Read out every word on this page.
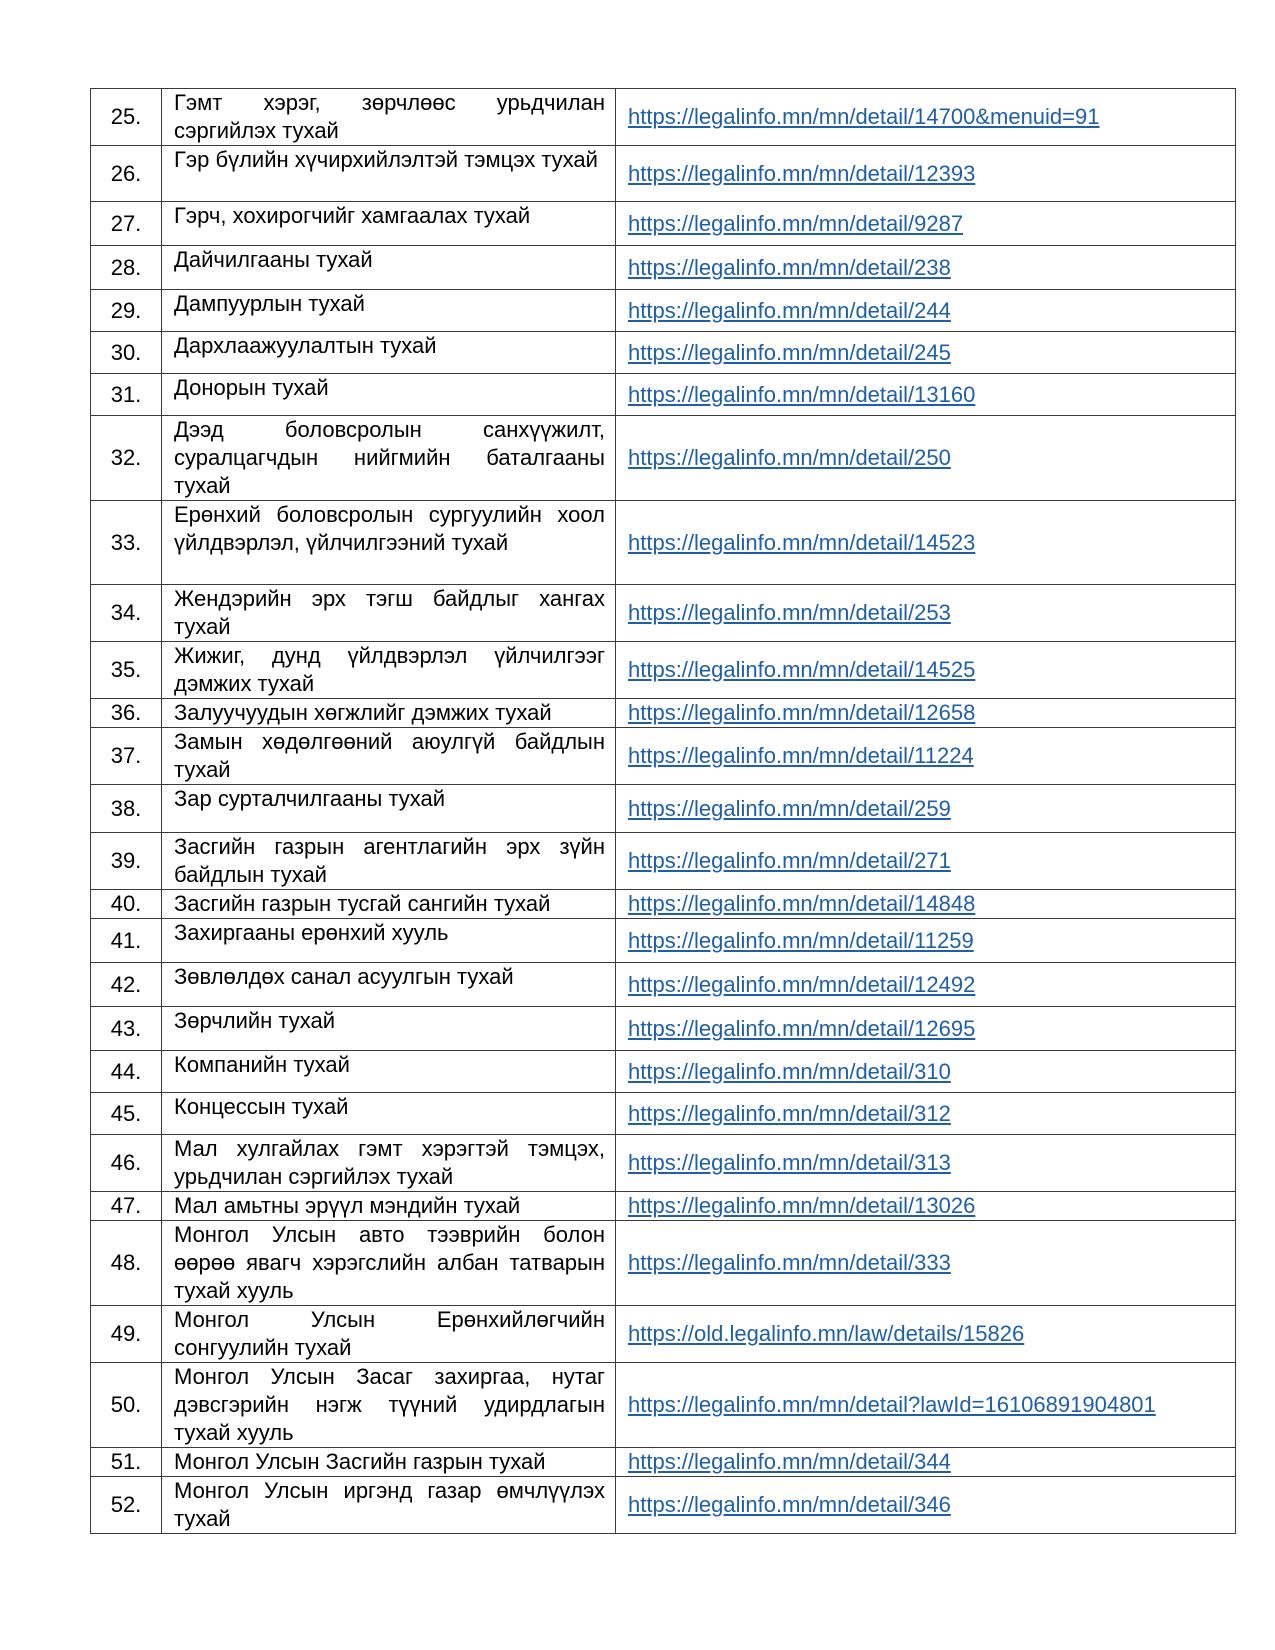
25.	Гэмт хэрэг, зөрчлөөс урьдчилан сэргийлэх тухай	https://legalinfo.mn/mn/detail/14700&menuid=91
26.	Гэр бүлийн хүчирхийлэлтэй тэмцэх тухай	https://legalinfo.mn/mn/detail/12393
27.	Гэрч, хохирогчийг хамгаалах тухай	https://legalinfo.mn/mn/detail/9287
28.	Дайчилгааны тухай	https://legalinfo.mn/mn/detail/238
29.	Дампуурлын тухай	https://legalinfo.mn/mn/detail/244
30.	Дархлаажуулалтын тухай	https://legalinfo.mn/mn/detail/245
31.	Донорын тухай	https://legalinfo.mn/mn/detail/13160
32.	Дээд боловсролын санхүүжилт, суралцагчдын нийгмийн баталгааны тухай	https://legalinfo.mn/mn/detail/250
33.	Ерөнхий боловсролын сургуулийн хоол үйлдвэрлэл, үйлчилгээний тухай	https://legalinfo.mn/mn/detail/14523
34.	Жендэрийн эрх тэгш байдлыг хангах тухай	https://legalinfo.mn/mn/detail/253
35.	Жижиг, дунд үйлдвэрлэл үйлчилгээг дэмжих тухай	https://legalinfo.mn/mn/detail/14525
36.	Залуучуудын хөгжлийг дэмжих тухай	https://legalinfo.mn/mn/detail/12658
37.	Замын хөдөлгөөний аюулгүй байдлын тухай	https://legalinfo.mn/mn/detail/11224
38.	Зар сурталчилгааны тухай	https://legalinfo.mn/mn/detail/259
39.	Засгийн газрын агентлагийн эрх зүйн байдлын тухай	https://legalinfo.mn/mn/detail/271
40.	Засгийн газрын тусгай сангийн тухай	https://legalinfo.mn/mn/detail/14848
41.	Захиргааны ерөнхий хууль	https://legalinfo.mn/mn/detail/11259
42.	Зөвлөлдөх санал асуулгын тухай	https://legalinfo.mn/mn/detail/12492
43.	Зөрчлийн тухай	https://legalinfo.mn/mn/detail/12695
44.	Компанийн тухай	https://legalinfo.mn/mn/detail/310
45.	Концессын тухай	https://legalinfo.mn/mn/detail/312
46.	Мал хулгайлах гэмт хэрэгтэй тэмцэх, урьдчилан сэргийлэх тухай	https://legalinfo.mn/mn/detail/313
47.	Мал амьтны эрүүл мэндийн тухай	https://legalinfo.mn/mn/detail/13026
48.	Монгол Улсын авто тээврийн болон өөрөө явагч хэрэгслийн албан татварын тухай хууль	https://legalinfo.mn/mn/detail/333
49.	Монгол Улсын Ерөнхийлөгчийн сонгуулийн тухай	https://old.legalinfo.mn/law/details/15826
50.	Монгол Улсын Засаг захиргаа, нутаг дэвсгэрийн нэгж түүний удирдлагын тухай хууль	https://legalinfo.mn/mn/detail?lawId=16106891904801
51.	Монгол Улсын Засгийн газрын тухай	https://legalinfo.mn/mn/detail/344
52.	Монгол Улсын иргэнд газар өмчлүүлэх тухай	https://legalinfo.mn/mn/detail/346
